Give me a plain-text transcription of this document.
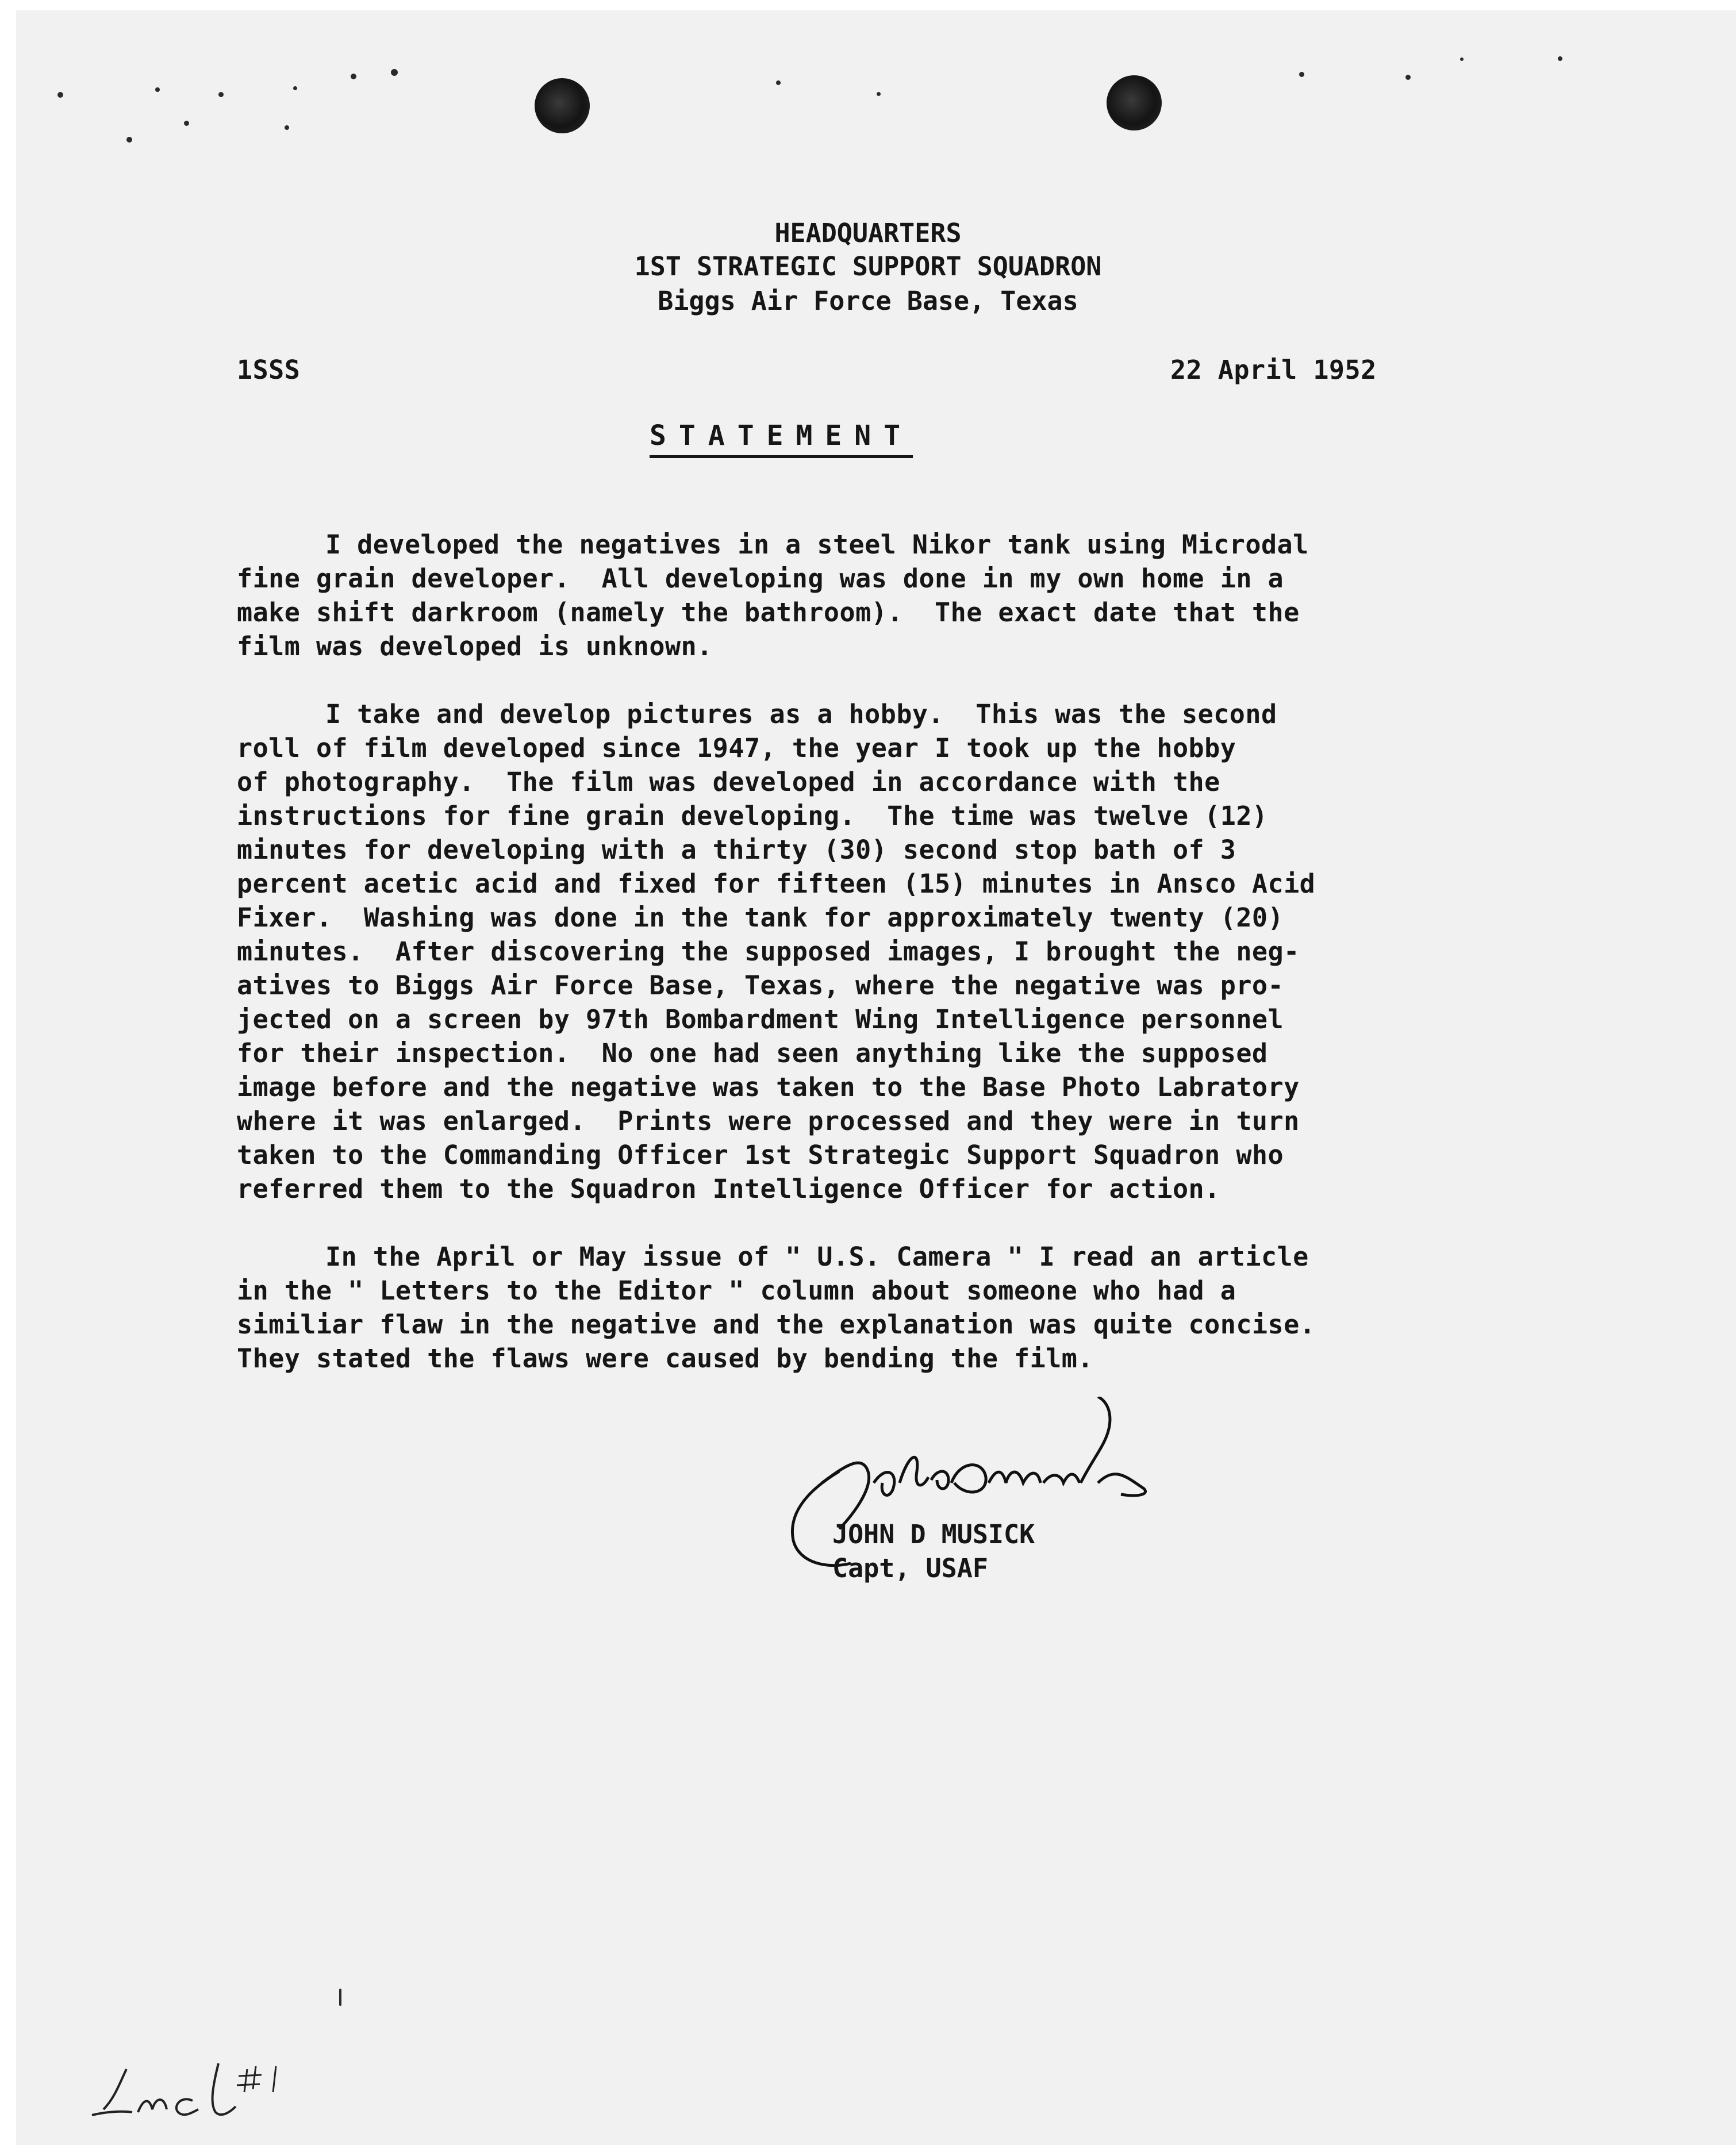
HEADQUARTERS
1ST STRATEGIC SUPPORT SQUADRON
Biggs Air Force Base, Texas
1SSS	22 April 1952
STATEMENT
I developed the negatives in a steel Nikor tank using Microdal
fine grain developer.  All developing was done in my own home in a
make shift darkroom (namely the bathroom).  The exact date that the
film was developed is unknown.
I take and develop pictures as a hobby.  This was the second
roll of film developed since 1947, the year I took up the hobby
of photography.  The film was developed in accordance with the
instructions for fine grain developing.  The time was twelve (12)
minutes for developing with a thirty (30) second stop bath of 3
percent acetic acid and fixed for fifteen (15) minutes in Ansco Acid
Fixer.  Washing was done in the tank for approximately twenty (20)
minutes.  After discovering the supposed images, I brought the neg-
atives to Biggs Air Force Base, Texas, where the negative was pro-
jected on a screen by 97th Bombardment Wing Intelligence personnel
for their inspection.  No one had seen anything like the supposed
image before and the negative was taken to the Base Photo Labratory
where it was enlarged.  Prints were processed and they were in turn
taken to the Commanding Officer 1st Strategic Support Squadron who
referred them to the Squadron Intelligence Officer for action.
In the April or May issue of " U.S. Camera " I read an article
in the " Letters to the Editor " column about someone who had a
similiar flaw in the negative and the explanation was quite concise.
They stated the flaws were caused by bending the film.
JOHN D MUSICK
Capt, USAF
